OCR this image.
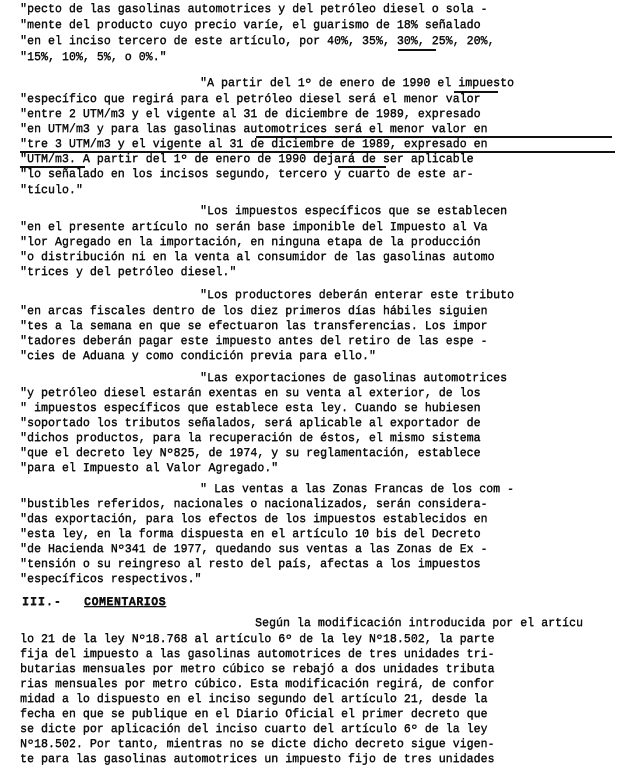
"pecto de las gasolinas automotrices y del petróleo diesel o sola -
"mente del producto cuyo precio varíe, el guarismo de 18% señalado
"en el inciso tercero de este artículo, por 40%, 35%, 30%, 25%, 20%,
"15%, 10%, 5%, o 0%."
"A partir del 1º de enero de 1990 el impuesto
"específico que regirá para el petróleo diesel será el menor valor
"entre 2 UTM/m3 y el vigente al 31 de diciembre de 1989, expresado
"en UTM/m3 y para las gasolinas automotrices será el menor valor en
"tre 3 UTM/m3 y el vigente al 31 de diciembre de 1989, expresado en
"UTM/m3. A partir del 1º de enero de 1990 dejará de ser aplicable
"lo señalado en los incisos segundo, tercero y cuarto de este ar-
"tículo."
"Los impuestos específicos que se establecen
"en el presente artículo no serán base imponible del Impuesto al Va
"lor Agregado en la importación, en ninguna etapa de la producción
"o distribución ni en la venta al consumidor de las gasolinas automo
"trices y del petróleo diesel."
"Los productores deberán enterar este tributo
"en arcas fiscales dentro de los diez primeros días hábiles siguien
"tes a la semana en que se efectuaron las transferencias. Los impor
"tadores deberán pagar este impuesto antes del retiro de las espe -
"cies de Aduana y como condición previa para ello."
"Las exportaciones de gasolinas automotrices
"y petróleo diesel estarán exentas en su venta al exterior, de los
" impuestos específicos que establece esta ley. Cuando se hubiesen
"soportado los tributos señalados, será aplicable al exportador de
"dichos productos, para la recuperación de éstos, el mismo sistema
"que el decreto ley Nº825, de 1974, y su reglamentación, establece
"para el Impuesto al Valor Agregado."
" Las ventas a las Zonas Francas de los com -
"bustibles referidos, nacionales o nacionalizados, serán considera-
"das exportación, para los efectos de los impuestos establecidos en
"esta ley, en la forma dispuesta en el artículo 10 bis del Decreto
"de Hacienda Nº341 de 1977, quedando sus ventas a las Zonas de Ex -
"tensión o su reingreso al resto del país, afectas a los impuestos
"específicos respectivos."
III.- COMENTARIOS
Según la modificación introducida por el artícu
lo 21 de la ley Nº18.768 al artículo 6º de la ley Nº18.502, la parte
fija del impuesto a las gasolinas automotrices de tres unidades tri-
butarias mensuales por metro cúbico se rebajó a dos unidades tributa
rias mensuales por metro cúbico. Esta modificación regirá, de confor
midad a lo dispuesto en el inciso segundo del artículo 21, desde la
fecha en que se publique en el Diario Oficial el primer decreto que
se dicte por aplicación del inciso cuarto del artículo 6º de la ley
Nº18.502. Por tanto, mientras no se dicte dicho decreto sigue vigen-
te para las gasolinas automotrices un impuesto fijo de tres unidades
